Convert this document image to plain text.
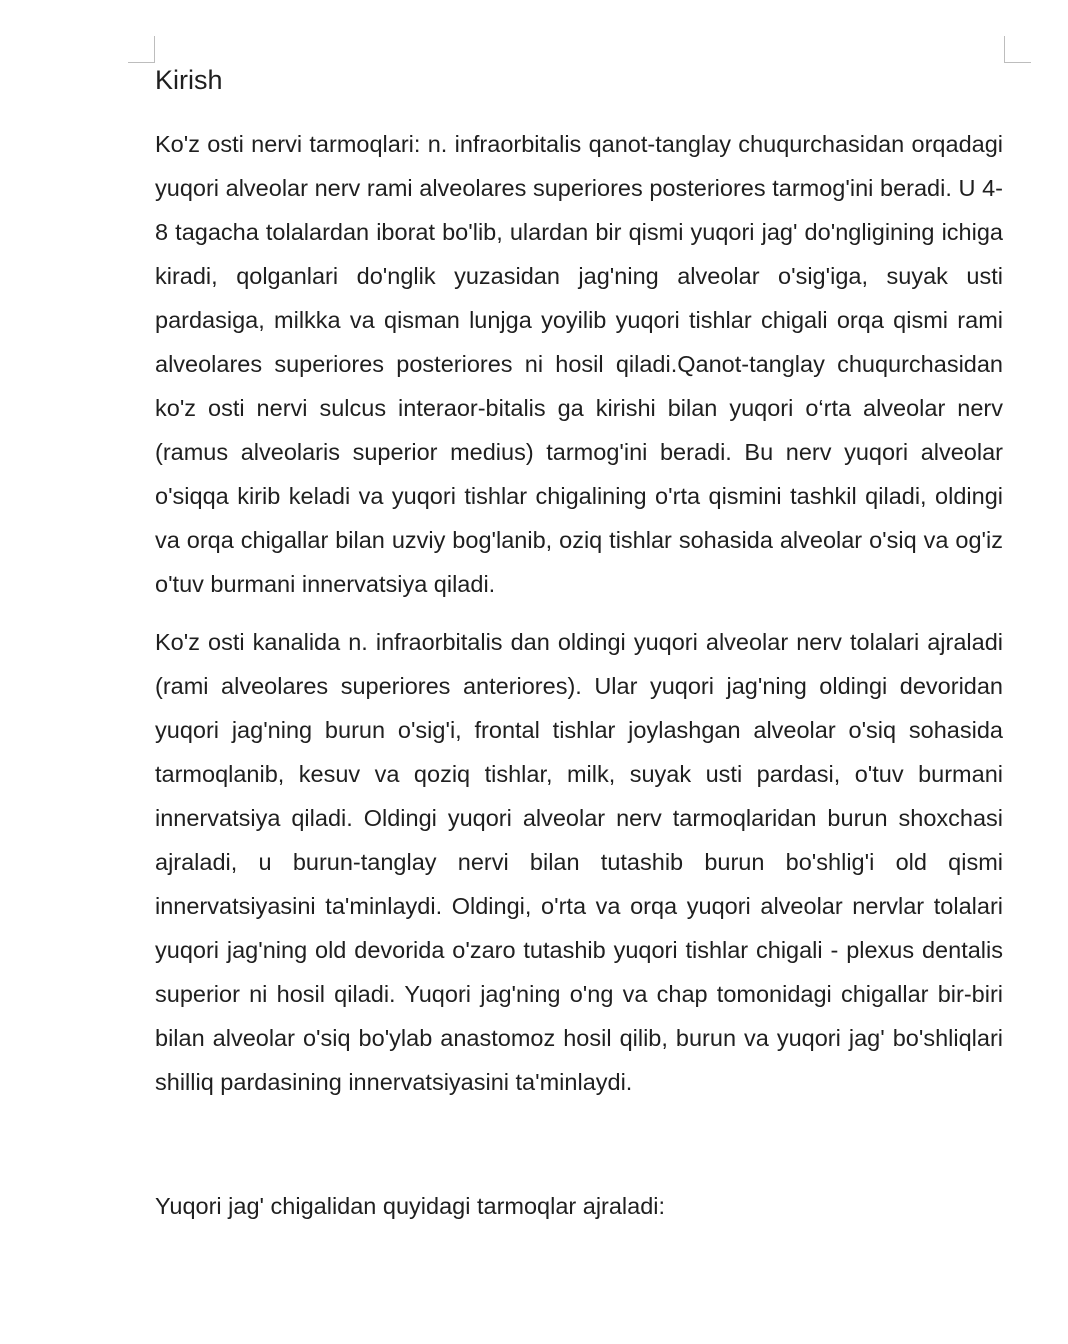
Kirish

Ko'z osti nervi tarmoqlari: n. infraorbitalis qanot-tanglay chuqurchasidan orqadagi yuqori alveolar nerv rami alveolares superiores posteriores tarmog'ini beradi. U 4-8 tagacha tolalardan iborat bo'lib, ulardan bir qismi yuqori jag' do'ngligining ichiga kiradi, qolganlari do'nglik yuzasidan jag'ning alveolar o'sig'iga, suyak usti pardasiga, milkka va qisman lunjga yoyilib yuqori tishlar chigali orqa qismi rami alveolares superiores posteriores ni hosil qiladi.Qanot-tanglay chuqurchasidan ko'z osti nervi sulcus interaor-bitalis ga kirishi bilan yuqori o‘rta alveolar nerv (ramus alveolaris superior medius) tarmog'ini beradi. Bu nerv yuqori alveolar o'siqqa kirib keladi va yuqori tishlar chigalining o'rta qismini tashkil qiladi, oldingi va orqa chigallar bilan uzviy bog'lanib, oziq tishlar sohasida alveolar o'siq va og'iz o'tuv burmani innervatsiya qiladi.

Ko'z osti kanalida n. infraorbitalis dan oldingi yuqori alveolar nerv tolalari ajraladi (rami alveolares superiores anteriores). Ular yuqori jag'ning oldingi devoridan yuqori jag'ning burun o'sig'i, frontal tishlar joylashgan alveolar o'siq sohasida tarmoqlanib, kesuv va qoziq tishlar, milk, suyak usti pardasi, o'tuv burmani innervatsiya qiladi. Oldingi yuqori alveolar nerv tarmoqlaridan burun shoxchasi ajraladi, u burun-tanglay nervi bilan tutashib burun bo'shlig'i old qismi innervatsiyasini ta'minlaydi. Oldingi, o'rta va orqa yuqori alveolar nervlar tolalari yuqori jag'ning old devorida o'zaro tutashib yuqori tishlar chigali - plexus dentalis superior ni hosil qiladi. Yuqori jag'ning o'ng va chap tomonidagi chigallar bir-biri bilan alveolar o'siq bo'ylab anastomoz hosil qilib, burun va yuqori jag' bo'shliqlari shilliq pardasining innervatsiyasini ta'minlaydi.

Yuqori jag' chigalidan quyidagi tarmoqlar ajraladi:
